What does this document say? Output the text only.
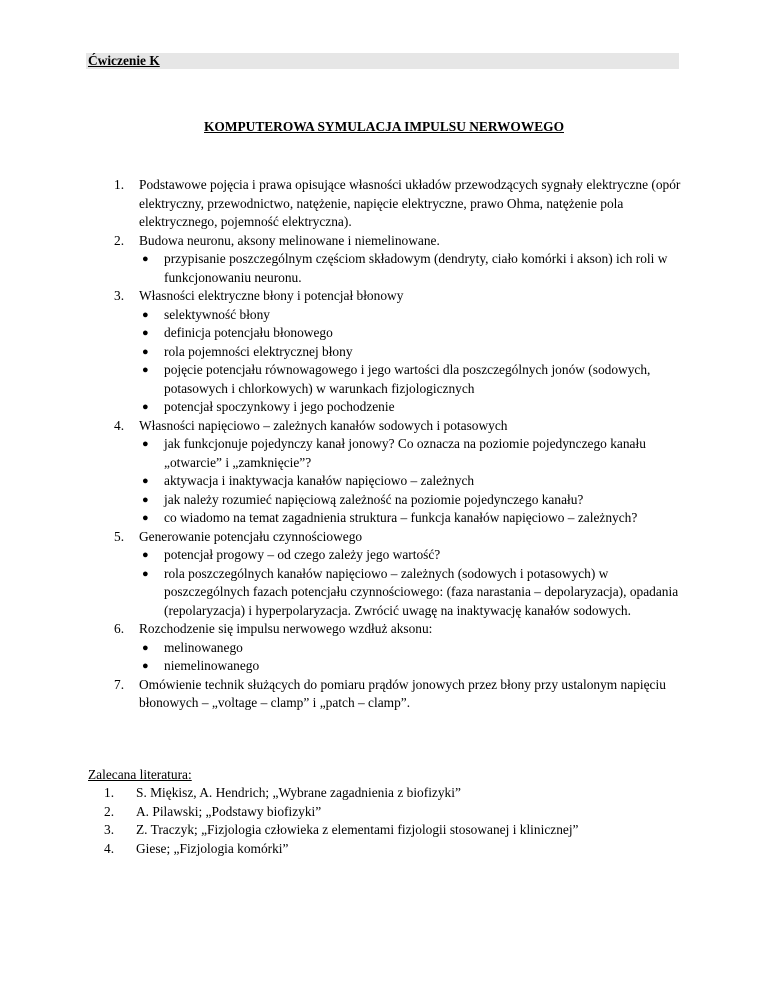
Ćwiczenie K
KOMPUTEROWA SYMULACJA IMPULSU NERWOWEGO
1. Podstawowe pojęcia i prawa opisujące własności układów przewodzących sygnały elektryczne (opór elektryczny, przewodnictwo, natężenie, napięcie elektryczne, prawo Ohma, natężenie pola elektrycznego, pojemność elektryczna).
2. Budowa neuronu, aksony melinowane i niemelinowane.
● przypisanie poszczególnym częściom składowym (dendryty, ciało komórki i akson) ich roli w funkcjonowaniu neuronu.
3. Własności elektryczne błony i potencjał błonowy
● selektywność błony
● definicja potencjału błonowego
● rola pojemności elektrycznej błony
● pojęcie potencjału równowagowego i jego wartości dla poszczególnych jonów (sodowych, potasowych i chlorkowych) w warunkach fizjologicznych
● potencjał spoczynkowy i jego pochodzenie
4. Własności napięciowo – zależnych kanałów sodowych i potasowych
● jak funkcjonuje pojedynczy kanał jonowy? Co oznacza na poziomie pojedynczego kanału „otwarcie” i „zamknięcie”?
● aktywacja i inaktywacja kanałów napięciowo – zależnych
● jak należy rozumieć napięciową zależność na poziomie pojedynczego kanału?
● co wiadomo na temat zagadnienia struktura – funkcja kanałów napięciowo – zależnych?
5. Generowanie potencjału czynnościowego
● potencjał progowy – od czego zależy jego wartość?
● rola poszczególnych kanałów napięciowo – zależnych (sodowych i potasowych) w poszczególnych fazach potencjału czynnościowego: (faza narastania – depolaryzacja), opadania (repolaryzacja) i hyperpolaryzacja. Zwrócić uwagę na inaktywację kanałów sodowych.
6. Rozchodzenie się impulsu nerwowego wzdłuż aksonu:
● melinowanego
● niemelinowanego
7. Omówienie technik służących do pomiaru prądów jonowych przez błony przy ustalonym napięciu błonowych – „voltage – clamp” i „patch – clamp”.
Zalecana literatura:
1. S. Miękisz, A. Hendrich; „Wybrane zagadnienia z biofizyki”
2. A. Pilawski; „Podstawy biofizyki”
3. Z. Traczyk; „Fizjologia człowieka z elementami fizjologii stosowanej i klinicznej”
4. Giese; „Fizjologia komórki”
